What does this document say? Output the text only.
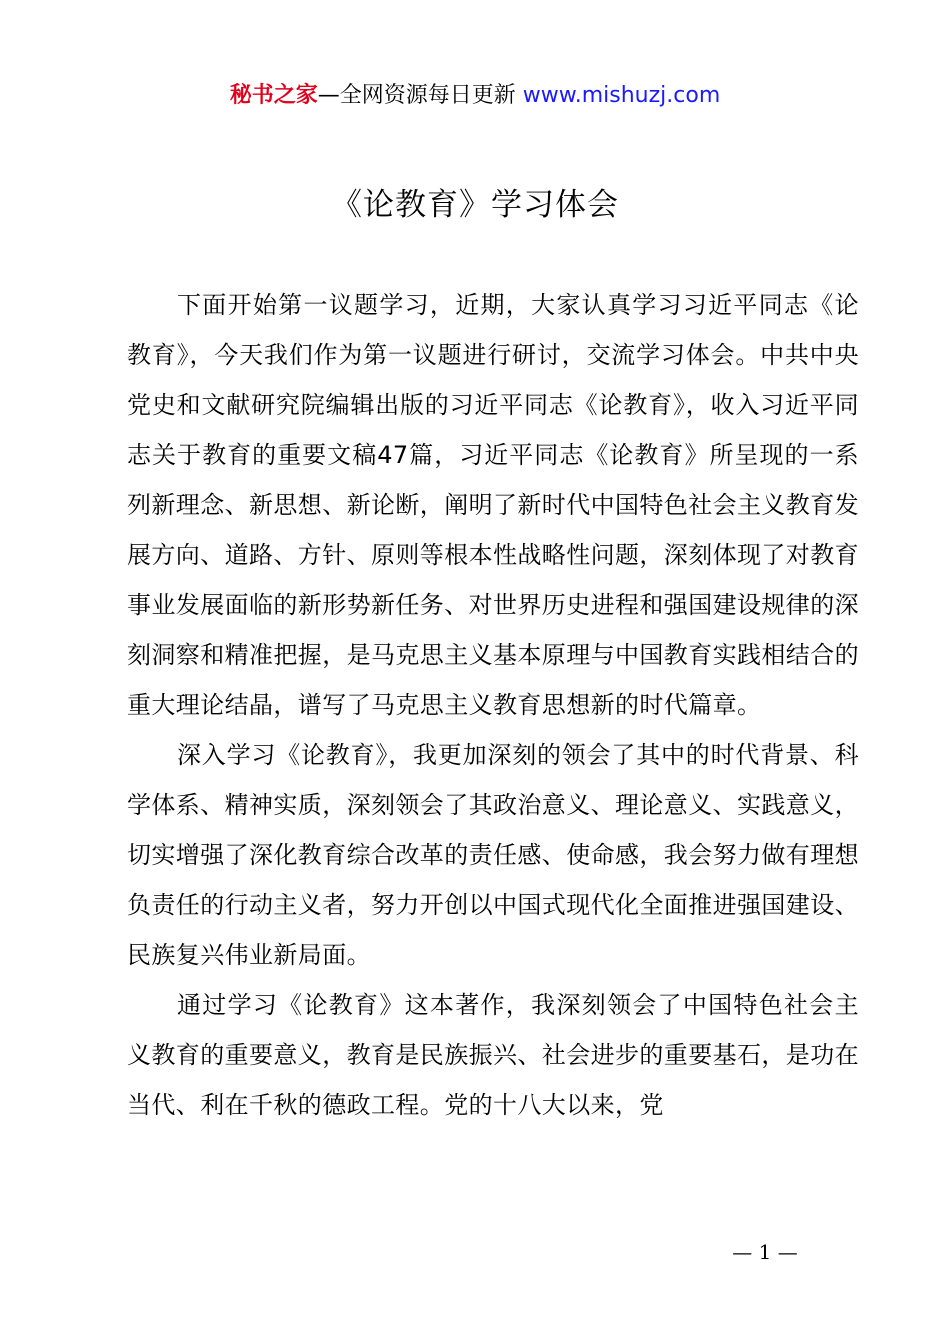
秘书之家—全网资源每日更新 www.mishuzj.com
《论教育》学习体会

下面开始第一议题学习，近期，大家认真学习习近平同志《论教育》，今天我们作为第一议题进行研讨，交流学习体会。中共中央党史和文献研究院编辑出版的习近平同志《论教育》，收入习近平同志关于教育的重要文稿47篇，习近平同志《论教育》所呈现的一系列新理念、新思想、新论断，阐明了新时代中国特色社会主义教育发展方向、道路、方针、原则等根本性战略性问题，深刻体现了对教育事业发展面临的新形势新任务、对世界历史进程和强国建设规律的深刻洞察和精准把握，是马克思主义基本原理与中国教育实践相结合的重大理论结晶，谱写了马克思主义教育思想新的时代篇章。

深入学习《论教育》，我更加深刻的领会了其中的时代背景、科学体系、精神实质，深刻领会了其政治意义、理论意义、实践意义，切实增强了深化教育综合改革的责任感、使命感，我会努力做有理想负责任的行动主义者，努力开创以中国式现代化全面推进强国建设、民族复兴伟业新局面。

通过学习《论教育》这本著作，我深刻领会了中国特色社会主义教育的重要意义，教育是民族振兴、社会进步的重要基石，是功在当代、利在千秋的德政工程。党的十八大以来，党

— 1 —
